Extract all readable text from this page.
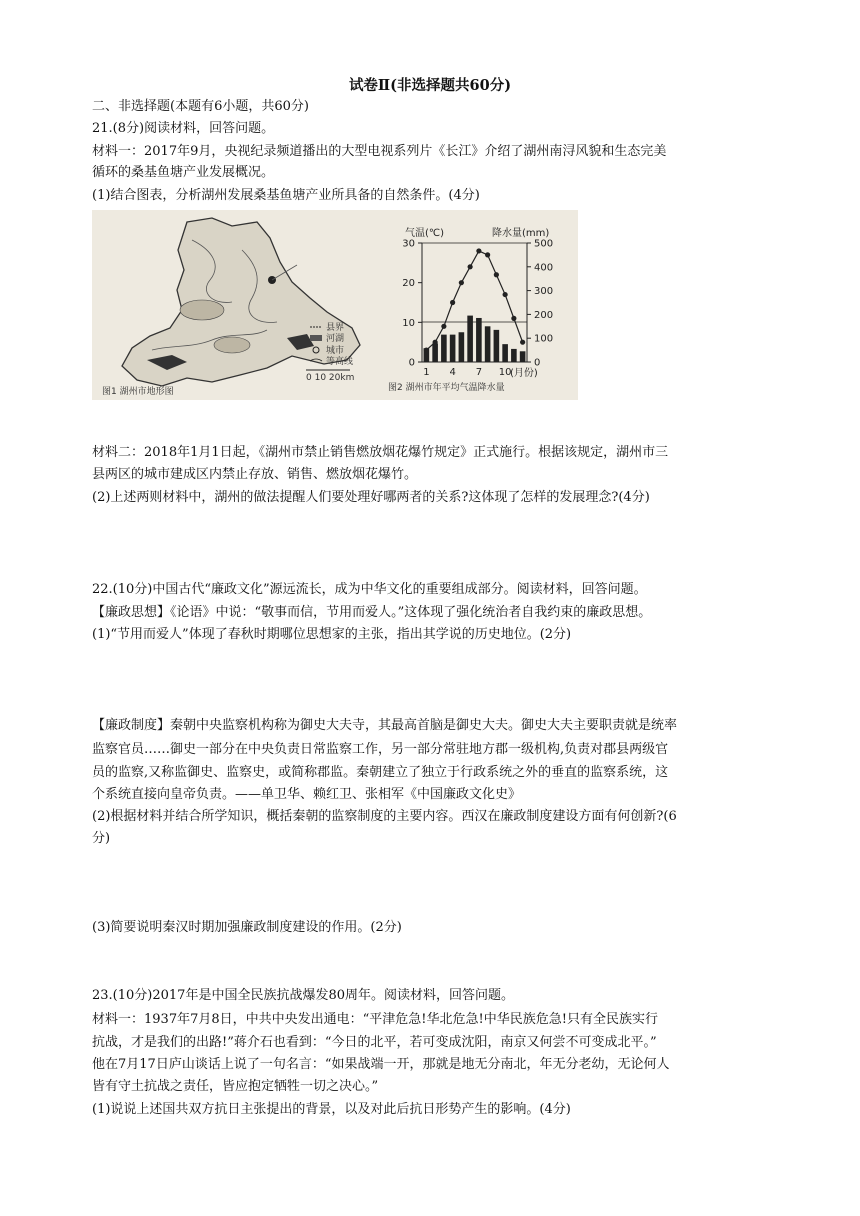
试卷Ⅱ(非选择题共60分)
二、非选择题(本题有6小题，共60分)
21.(8分)阅读材料，回答问题。
材料一：2017年9月，央视纪录频道播出的大型电视系列片《长江》介绍了湖州南浔风貌和生态完美
循环的桑基鱼塘产业发展概况。
(1)结合图表，分析湖州发展桑基鱼塘产业所具备的自然条件。(4分)
县界
河湖
城市
等高线
0 10 20km
图1 湖州市地形图
气温(℃)	降水量(mm)
0
10
20
30
0
100
200
300
400
500
1 4 7 10
(月份)
图2 湖州市年平均气温降水量
材料二：2018年1月1日起，《湖州市禁止销售燃放烟花爆竹规定》正式施行。根据该规定，湖州市三
县两区的城市建成区内禁止存放、销售、燃放烟花爆竹。
(2)上述两则材料中，湖州的做法提醒人们要处理好哪两者的关系?这体现了怎样的发展理念?(4分)
22.(10分)中国古代“廉政文化”源远流长，成为中华文化的重要组成部分。阅读材料，回答问题。
【廉政思想】《论语》中说：“敬事而信，节用而爱人。”这体现了强化统治者自我约束的廉政思想。
(1)“节用而爱人”体现了春秋时期哪位思想家的主张，指出其学说的历史地位。(2分)
【廉政制度】秦朝中央监察机构称为御史大夫寺，其最高首脑是御史大夫。御史大夫主要职责就是统率
监察官员……御史一部分在中央负责日常监察工作，另一部分常驻地方郡一级机构,负责对郡县两级官
员的监察,又称监御史、监察史，或简称郡监。秦朝建立了独立于行政系统之外的垂直的监察系统，这
个系统直接向皇帝负责。——单卫华、赖红卫、张相军《中国廉政文化史》
(2)根据材料并结合所学知识，概括秦朝的监察制度的主要内容。西汉在廉政制度建设方面有何创新?(6
分)
(3)简要说明秦汉时期加强廉政制度建设的作用。(2分)
23.(10分)2017年是中国全民族抗战爆发80周年。阅读材料，回答问题。
材料一：1937年7月8日，中共中央发出通电：“平津危急!华北危急!中华民族危急!只有全民族实行
抗战，才是我们的出路!”蒋介石也看到：“今日的北平，若可变成沈阳，南京又何尝不可变成北平。”
他在7月17日庐山谈话上说了一句名言：“如果战端一开，那就是地无分南北，年无分老幼，无论何人
皆有守土抗战之责任，皆应抱定牺牲一切之决心。”
(1)说说上述国共双方抗日主张提出的背景，以及对此后抗日形势产生的影响。(4分)
